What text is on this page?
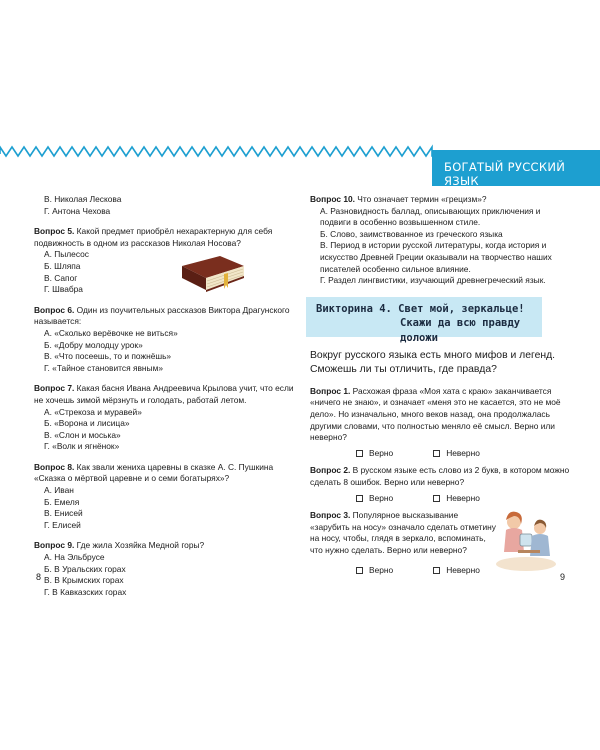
БОГАТЫЙ РУССКИЙ ЯЗЫК
В. Николая Лескова
Г. Антона Чехова
Вопрос 5. Какой предмет приобрёл нехарактерную для себя подвижность в одном из рассказов Николая Носова?
А. Пылесос
Б. Шляпа
В. Сапог
Г. Швабра
Вопрос 6. Один из поучительных рассказов Виктора Драгунского называется:
А. «Сколько верёвочке не виться»
Б. «Добру молодцу урок»
В. «Что посеешь, то и пожнёшь»
Г. «Тайное становится явным»
Вопрос 7. Какая басня Ивана Андреевича Крылова учит, что если не хочешь зимой мёрзнуть и голодать, работай летом.
А. «Стрекоза и муравей»
Б. «Ворона и лисица»
В. «Слон и моська»
Г. «Волк и ягнёнок»
Вопрос 8. Как звали жениха царевны в сказке А. С. Пушкина «Сказка о мёртвой царевне и о семи богатырях»?
А. Иван
Б. Емеля
В. Енисей
Г. Елисей
Вопрос 9. Где жила Хозяйка Медной горы?
А. На Эльбрусе
Б. В Уральских горах
В. В Крымских горах
Г. В Кавказских горах
Вопрос 10. Что означает термин «грецизм»?
А. Разновидность баллад, описывающих приключения и подвиги в особенно возвышенном стиле.
Б. Слово, заимствованное из греческого языка
В. Период в истории русской литературы, когда история и искусство Древней Греции оказывали на творчество наших писателей особенно сильное влияние.
Г. Раздел лингвистики, изучающий древнегреческий язык.
Викторина 4. Свет мой, зеркальце!
Скажи да всю правду доложи

Вокруг русского языка есть много мифов и легенд. Сможешь ли ты отличить, где правда?

Вопрос 1. Расхожая фраза «Моя хата с краю» заканчивается «ничего не знаю», и означает «меня это не касается, это не моё дело». Но изначально, много веков назад, она продолжалась другими словами, что полностью меняло её смысл. Верно или неверно?
Верно	Неверно
Вопрос 2. В русском языке есть слово из 2 букв, в котором можно сделать 8 ошибок. Верно или неверно?
Верно	Неверно
Вопрос 3. Популярное высказывание «зарубить на носу» означало сделать отметину на носу, чтобы, глядя в зеркало, вспоминать, что нужно сделать. Верно или неверно?
Верно	Неверно
8	9
